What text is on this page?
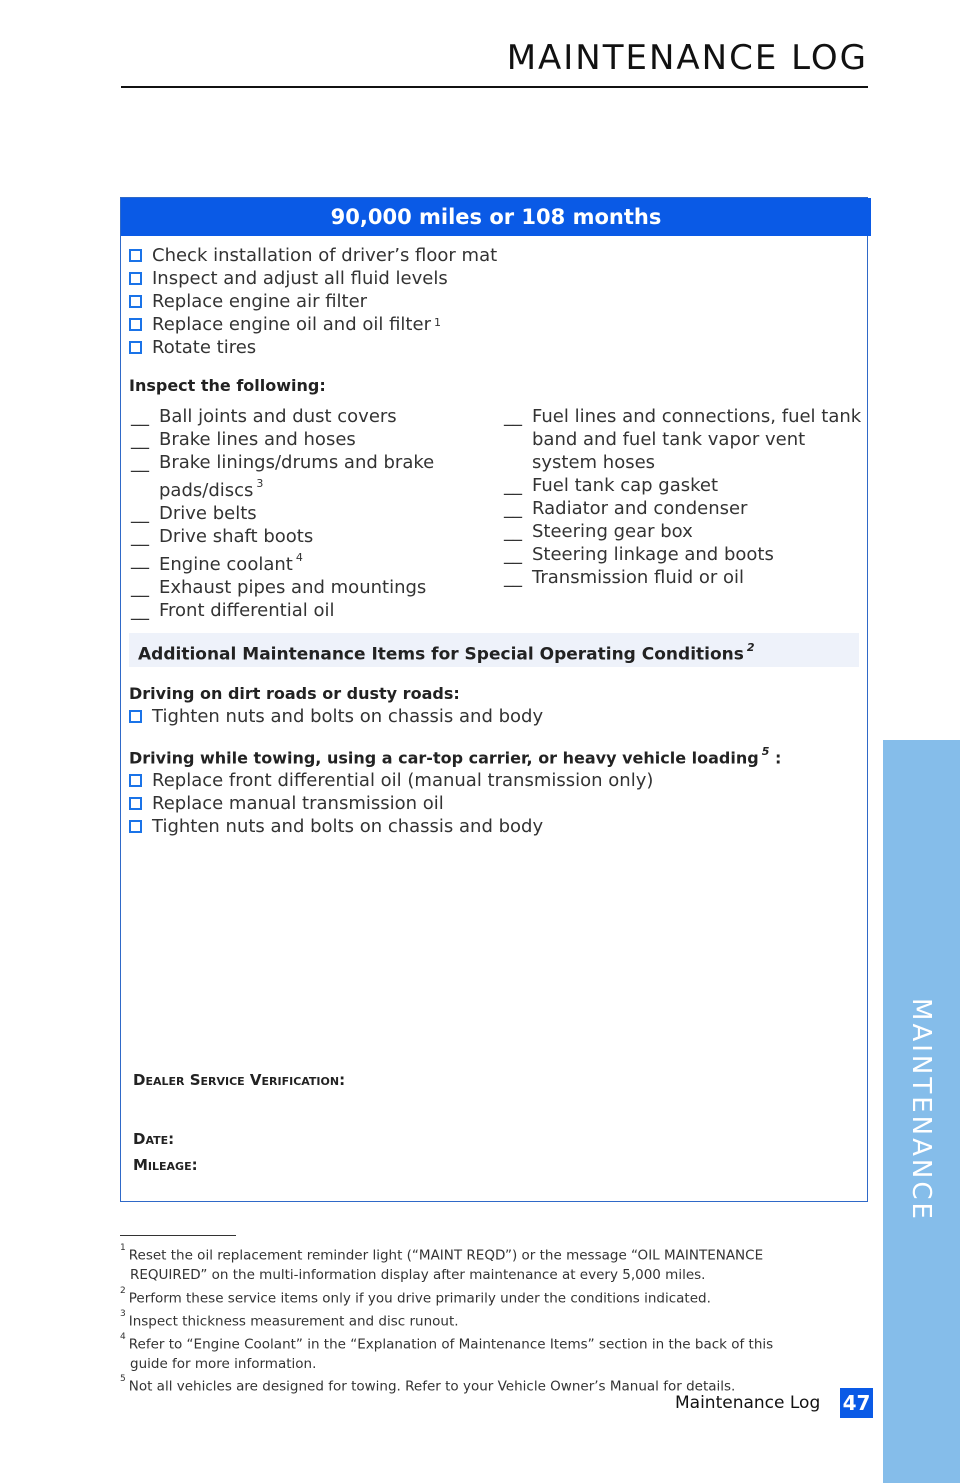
MAINTENANCE LOG
MAINTENANCE
90,000 miles or 108 months
Check installation of driver’s floor mat
Inspect and adjust all fluid levels
Replace engine air filter
Replace engine oil and oil filter $^1$
Rotate tires
Inspect the following:
__ Ball joints and dust covers
__ Brake lines and hoses
__ Brake linings/drums and brake pads/discs $^3$
__ Drive belts
__ Drive shaft boots
__ Engine coolant $^4$
__ Exhaust pipes and mountings
__ Front differential oil
__ Fuel lines and connections, fuel tank band and fuel tank vapor vent system hoses
__ Fuel tank cap gasket
__ Radiator and condenser
__ Steering gear box
__ Steering linkage and boots
__ Transmission fluid or oil
Additional Maintenance Items for Special Operating Conditions $^2$
Driving on dirt roads or dusty roads:
Tighten nuts and bolts on chassis and body
Driving while towing, using a car-top carrier, or heavy vehicle loading $^5$ :
Replace front differential oil (manual transmission only)
Replace manual transmission oil
Tighten nuts and bolts on chassis and body
Dealer Service Verification:
Date:
Mileage:
$^1$ Reset the oil replacement reminder light (“MAINT REQD”) or the message “OIL MAINTENANCE
REQUIRED” on the multi-information display after maintenance at every 5,000 miles.
$^2$ Perform these service items only if you drive primarily under the conditions indicated.
$^3$ Inspect thickness measurement and disc runout.
$^4$ Refer to “Engine Coolant” in the “Explanation of Maintenance Items” section in the back of this
guide for more information.
$^5$ Not all vehicles are designed for towing. Refer to your Vehicle Owner’s Manual for details.
Maintenance Log 47
